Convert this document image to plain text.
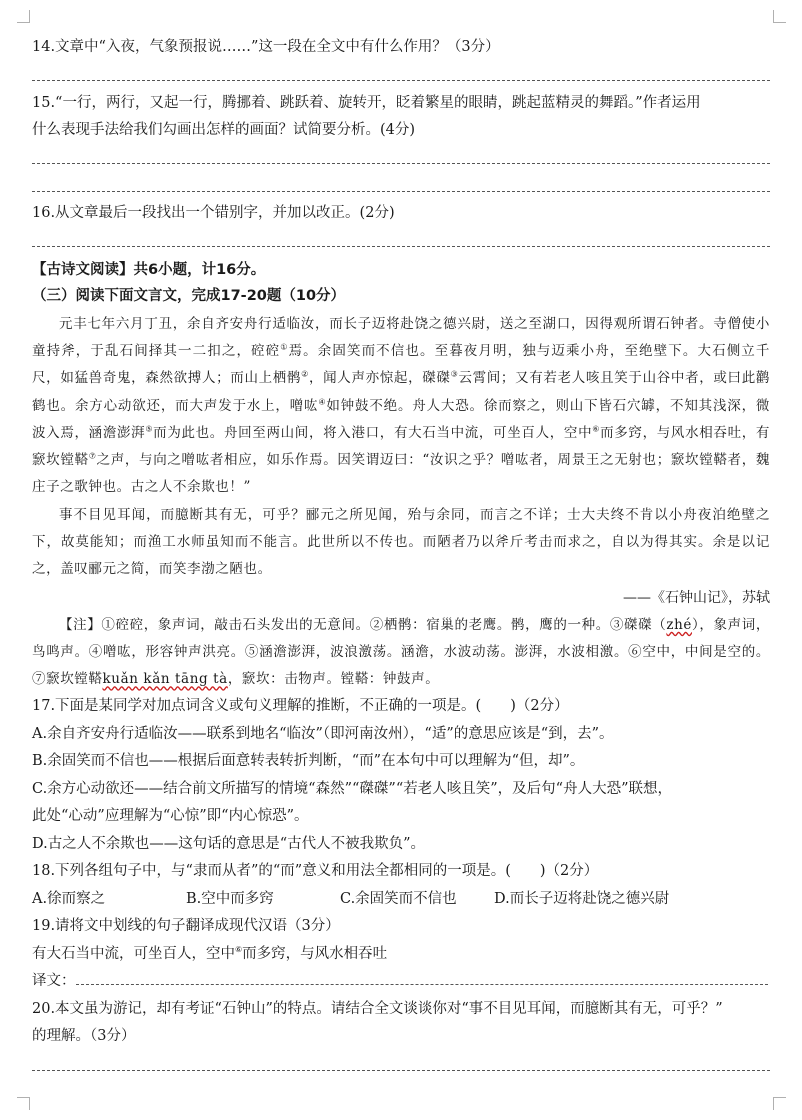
14.文章中“入夜，气象预报说……”这一段在全文中有什么作用？（3分）
15.“一行，两行，又起一行，腾挪着、跳跃着、旋转开，眨着繁星的眼睛，跳起蓝精灵的舞蹈。”作者运用
什么表现手法给我们勾画出怎样的画面？试简要分析。(4分)
16.从文章最后一段找出一个错别字，并加以改正。(2分)
【古诗文阅读】共6小题，计16分。
（三）阅读下面文言文，完成17-20题（10分）
元丰七年六月丁丑，余自齐安舟行适临汝，而长子迈将赴饶之德兴尉，送之至湖口，因得观所谓石钟者。寺僧使小童持斧，于乱石间择其一二扣之，硿硿①焉。余固笑而不信也。至暮夜月明，独与迈乘小舟，至绝壁下。大石侧立千尺，如猛兽奇鬼，森然欲搏人；而山上栖鹘②，闻人声亦惊起，磔磔③云霄间；又有若老人咳且笑于山谷中者，或曰此鹳鹤也。余方心动欲还，而大声发于水上，噌吰④如钟鼓不绝。舟人大恐。徐而察之，则山下皆石穴罅，不知其浅深，微波入焉，涵澹澎湃⑤而为此也。舟回至两山间，将入港口，有大石当中流，可坐百人，空中⑥而多窍，与风水相吞吐，有窾坎镗鞳⑦之声，与向之噌吰者相应，如乐作焉。因笑谓迈曰：“汝识之乎？噌吰者，周景王之无射也；窾坎镗鞳者，魏庄子之歌钟也。古之人不余欺也！”
事不目见耳闻，而臆断其有无，可乎？郦元之所见闻，殆与余同，而言之不详；士大夫终不肯以小舟夜泊绝壁之下，故莫能知；而渔工水师虽知而不能言。此世所以不传也。而陋者乃以斧斤考击而求之，自以为得其实。余是以记之，盖叹郦元之简，而笑李渤之陋也。
——《石钟山记》，苏轼
【注】①硿硿，象声词，敲击石头发出的无意间。②栖鹘：宿巢的老鹰。鹘，鹰的一种。③磔磔（zhé），象声词，鸟鸣声。④噌吰，形容钟声洪亮。⑤涵澹澎湃，波浪激荡。涵澹，水波动荡。澎湃，水波相激。⑥空中，中间是空的。⑦窾坎镗鞳kuǎn kǎn tāng tà，窾坎：击物声。镗鞳：钟鼓声。
17.下面是某同学对加点词含义或句义理解的推断，不正确的一项是。(　　)（2分）
A.余自齐安舟行适临汝——联系到地名“临汝”（即河南汝州），“适”的意思应该是“到，去”。
B.余固笑而不信也——根据后面意转表转折判断，“而”在本句中可以理解为“但，却”。
C.余方心动欲还——结合前文所描写的情境“森然”“磔磔”“若老人咳且笑”，及后句“舟人大恐”联想，
此处“心动”应理解为“心惊”即“内心惊恐”。
D.古之人不余欺也——这句话的意思是“古代人不被我欺负”。
18.下列各组句子中，与“隶而从者”的“而”意义和用法全都相同的一项是。(　　)（2分）
A.徐而察之	B.空中而多窍	C.余固笑而不信也	D.而长子迈将赴饶之德兴尉
19.请将文中划线的句子翻译成现代汉语（3分）
有大石当中流，可坐百人，空中⑥而多窍，与风水相吞吐
译文：
20.本文虽为游记，却有考证“石钟山”的特点。请结合全文谈谈你对“事不目见耳闻，而臆断其有无，可乎？”
的理解。（3分）
